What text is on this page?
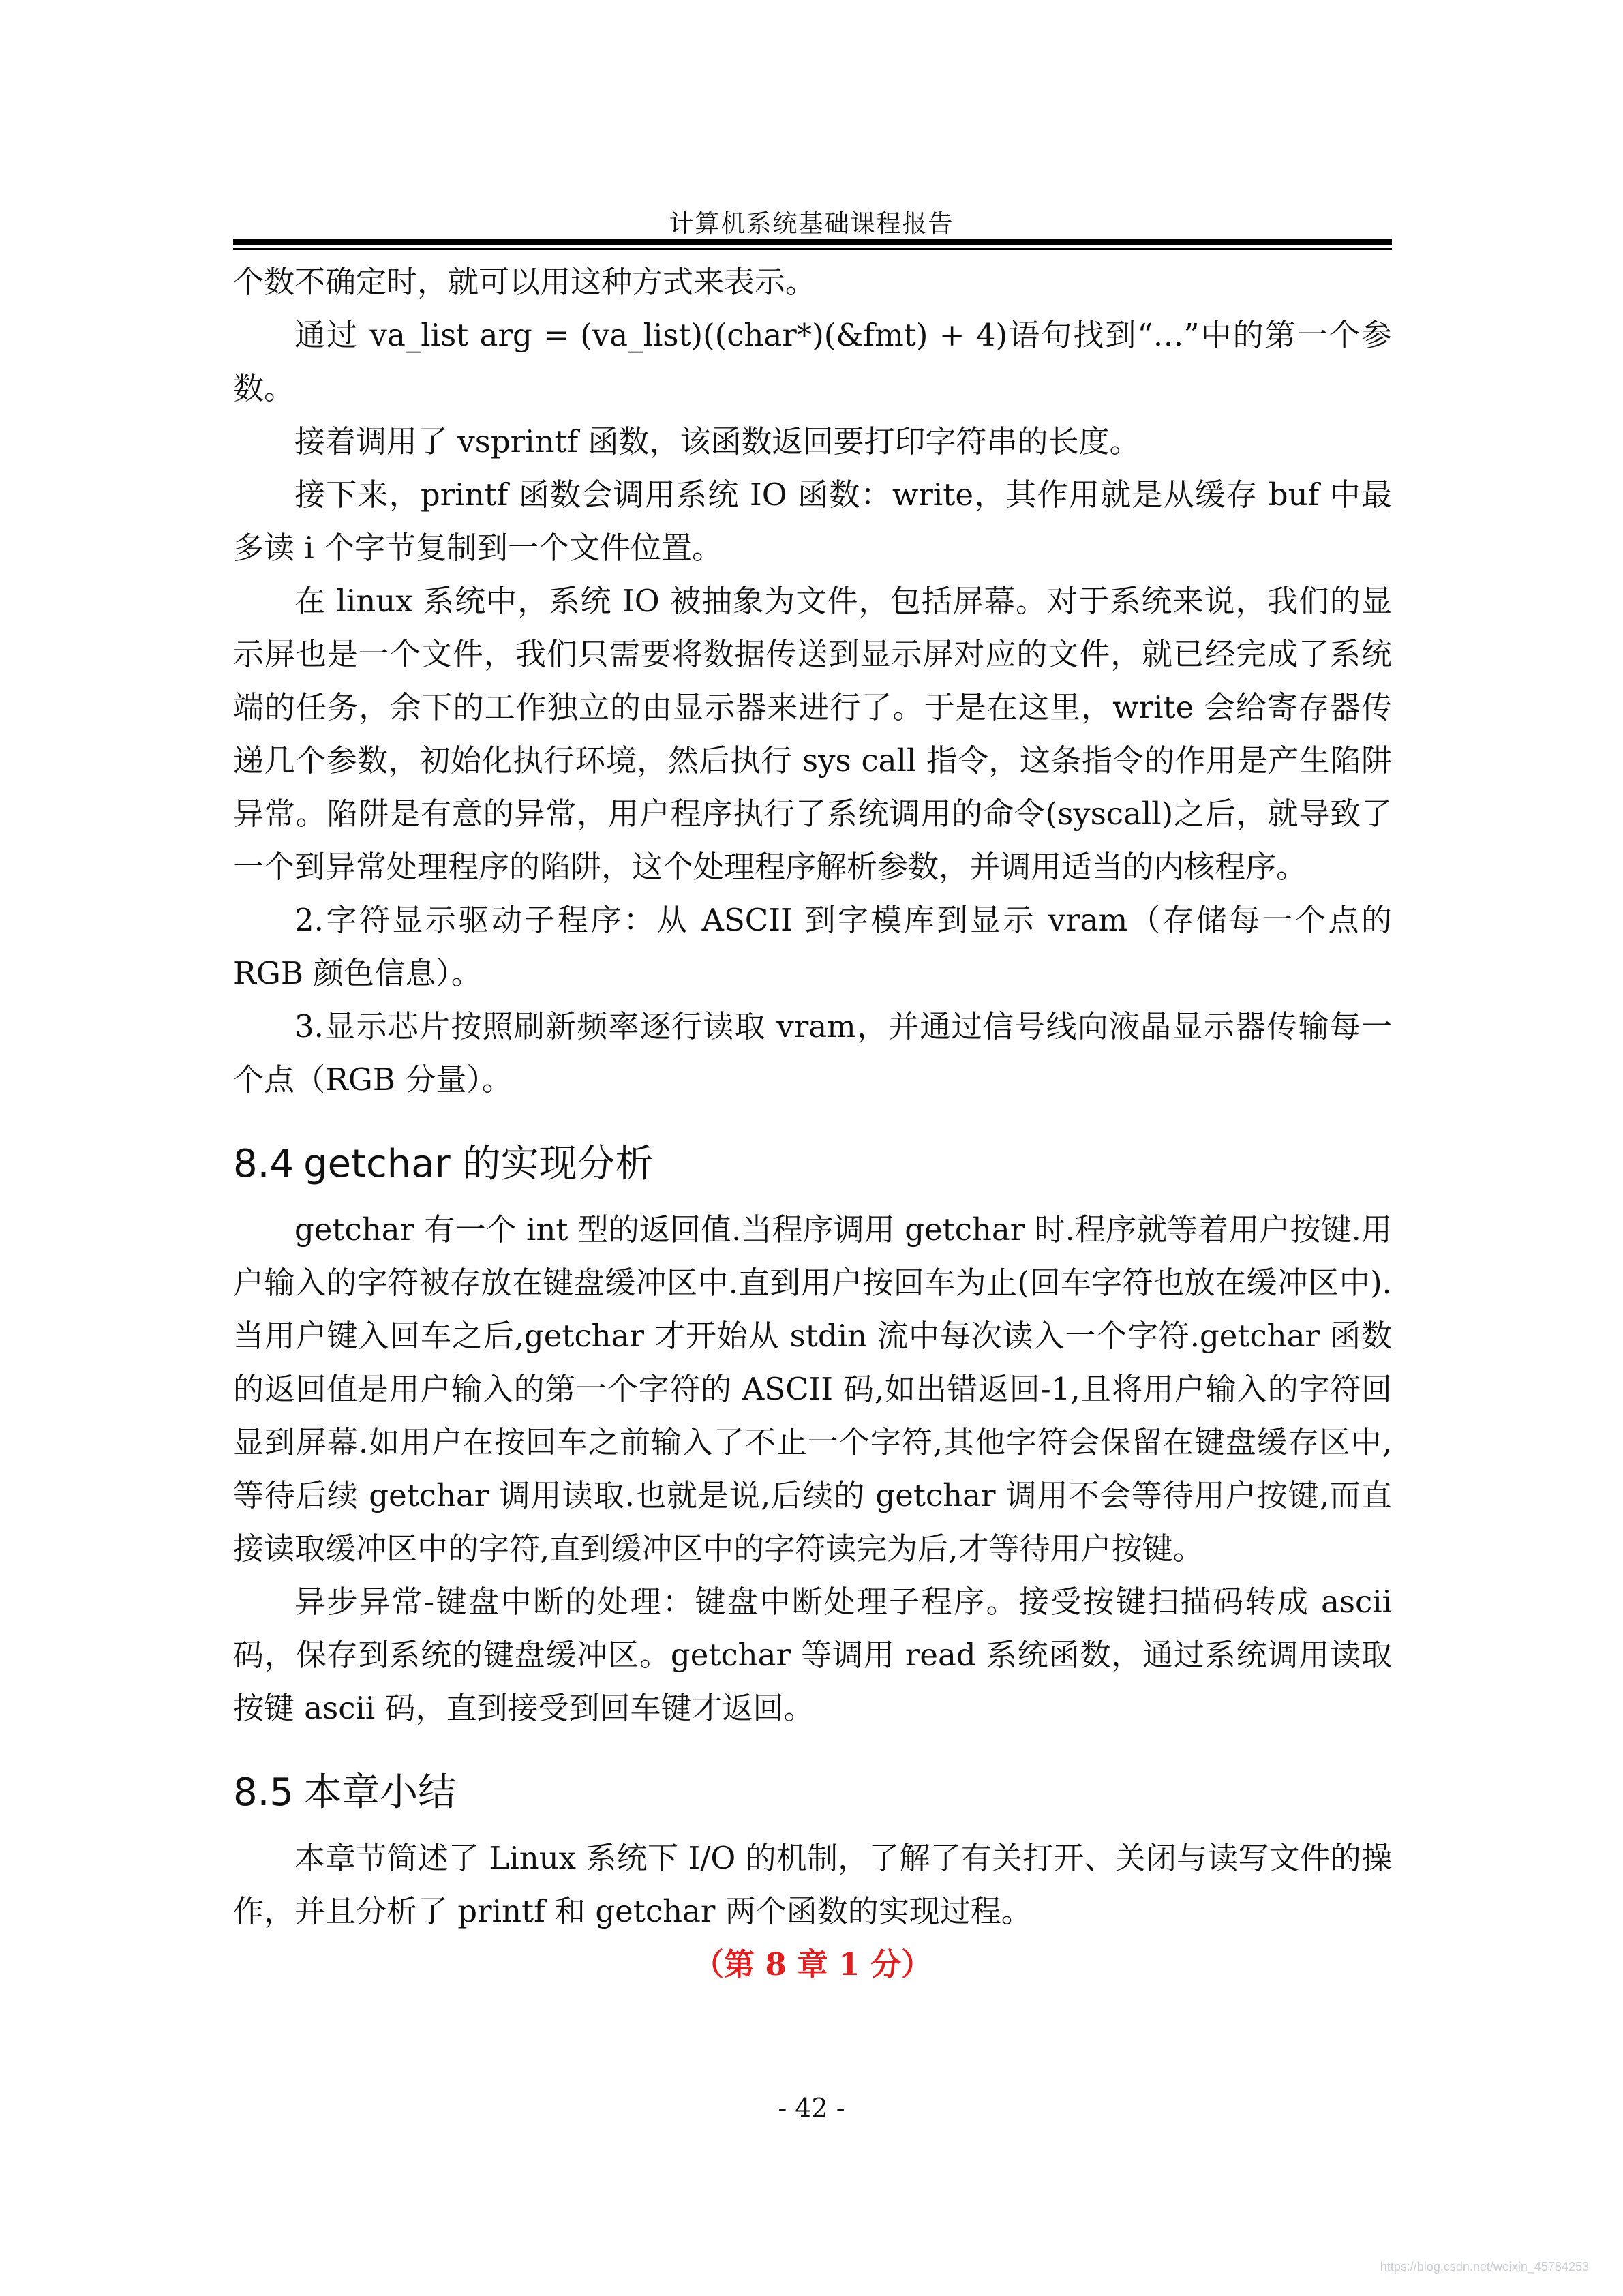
计算机系统基础课程报告

个数不确定时，就可以用这种方式来表示。

通过 va_list arg = (va_list)((char*)(&fmt) + 4)语句找到“…”中的第一个参数。

接着调用了 vsprintf 函数，该函数返回要打印字符串的长度。

接下来，printf 函数会调用系统 IO 函数：write，其作用就是从缓存 buf 中最多读 i 个字节复制到一个文件位置。

在 linux 系统中，系统 IO 被抽象为文件，包括屏幕。对于系统来说，我们的显示屏也是一个文件，我们只需要将数据传送到显示屏对应的文件，就已经完成了系统端的任务，余下的工作独立的由显示器来进行了。于是在这里，write 会给寄存器传递几个参数，初始化执行环境，然后执行 sys call 指令，这条指令的作用是产生陷阱异常。陷阱是有意的异常，用户程序执行了系统调用的命令(syscall)之后，就导致了一个到异常处理程序的陷阱，这个处理程序解析参数，并调用适当的内核程序。

2.字符显示驱动子程序：从 ASCII 到字模库到显示 vram（存储每一个点的 RGB 颜色信息）。

3.显示芯片按照刷新频率逐行读取 vram，并通过信号线向液晶显示器传输每一个点（RGB 分量）。

8.4 getchar 的实现分析

getchar 有一个 int 型的返回值.当程序调用 getchar 时.程序就等着用户按键.用户输入的字符被存放在键盘缓冲区中.直到用户按回车为止(回车字符也放在缓冲区中).当用户键入回车之后,getchar 才开始从 stdin 流中每次读入一个字符.getchar 函数的返回值是用户输入的第一个字符的 ASCII 码,如出错返回-1,且将用户输入的字符回显到屏幕.如用户在按回车之前输入了不止一个字符,其他字符会保留在键盘缓存区中,等待后续 getchar 调用读取.也就是说,后续的 getchar 调用不会等待用户按键,而直接读取缓冲区中的字符,直到缓冲区中的字符读完为后,才等待用户按键。

异步异常-键盘中断的处理：键盘中断处理子程序。接受按键扫描码转成 ascii 码，保存到系统的键盘缓冲区。getchar 等调用 read 系统函数，通过系统调用读取按键 ascii 码，直到接受到回车键才返回。

8.5 本章小结

本章节简述了 Linux 系统下 I/O 的机制，了解了有关打开、关闭与读写文件的操作，并且分析了 printf 和 getchar 两个函数的实现过程。

（第 8 章 1 分）

- 42 -
https://blog.csdn.net/weixin_45784253
